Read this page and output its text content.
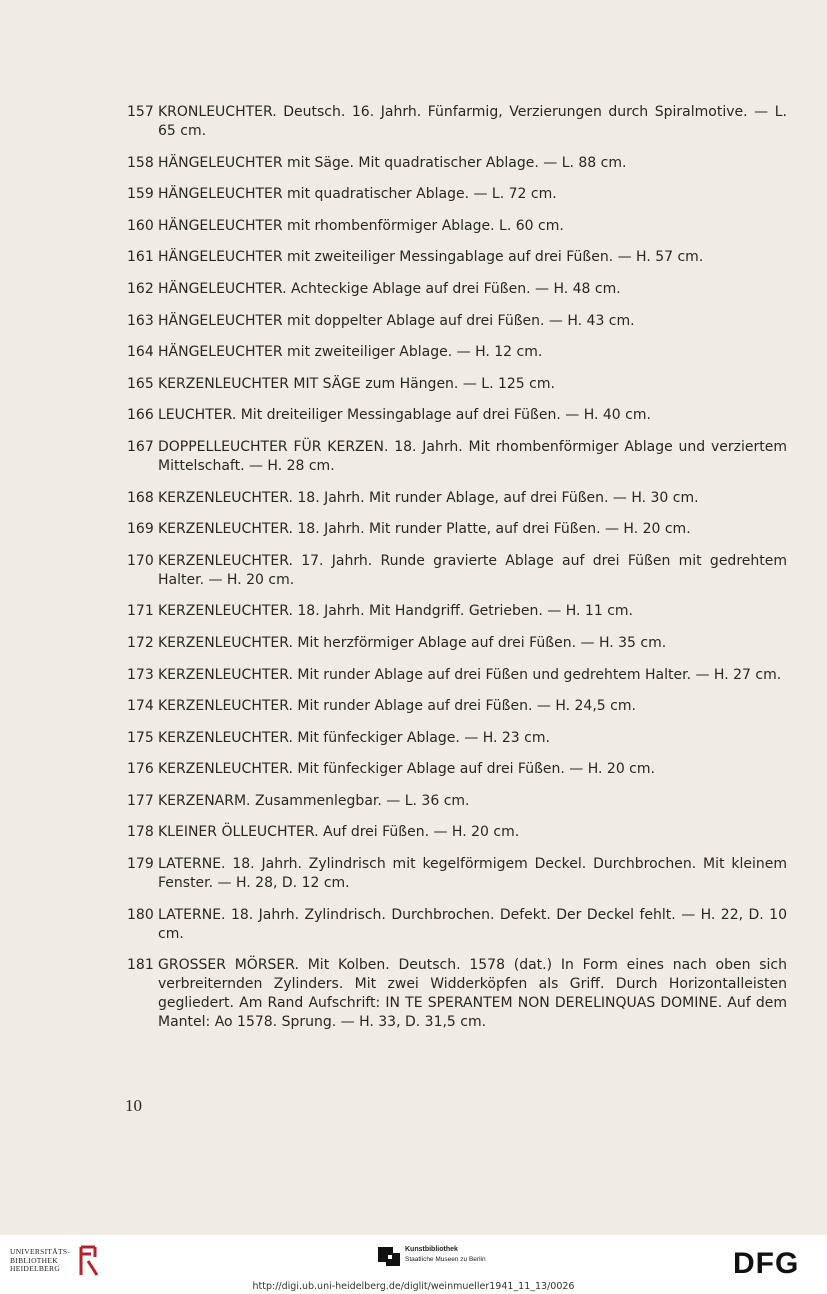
157 KRONLEUCHTER. Deutsch. 16. Jahrh. Fünfarmig, Verzierungen durch Spiralmotive. — L. 65 cm.
158 HÄNGELEUCHTER mit Säge. Mit quadratischer Ablage. — L. 88 cm.
159 HÄNGELEUCHTER mit quadratischer Ablage. — L. 72 cm.
160 HÄNGELEUCHTER mit rhombenförmiger Ablage. L. 60 cm.
161 HÄNGELEUCHTER mit zweiteiliger Messingablage auf drei Füßen. — H. 57 cm.
162 HÄNGELEUCHTER. Achteckige Ablage auf drei Füßen. — H. 48 cm.
163 HÄNGELEUCHTER mit doppelter Ablage auf drei Füßen. — H. 43 cm.
164 HÄNGELEUCHTER mit zweiteiliger Ablage. — H. 12 cm.
165 KERZENLEUCHTER MIT SÄGE zum Hängen. — L. 125 cm.
166 LEUCHTER. Mit dreiteiliger Messingablage auf drei Füßen. — H. 40 cm.
167 DOPPELLEUCHTER FÜR KERZEN. 18. Jahrh. Mit rhombenförmiger Ablage und verziertem Mittelschaft. — H. 28 cm.
168 KERZENLEUCHTER. 18. Jahrh. Mit runder Ablage, auf drei Füßen. — H. 30 cm.
169 KERZENLEUCHTER. 18. Jahrh. Mit runder Platte, auf drei Füßen. — H. 20 cm.
170 KERZENLEUCHTER. 17. Jahrh. Runde gravierte Ablage auf drei Füßen mit gedrehtem Halter. — H. 20 cm.
171 KERZENLEUCHTER. 18. Jahrh. Mit Handgriff. Getrieben. — H. 11 cm.
172 KERZENLEUCHTER. Mit herzförmiger Ablage auf drei Füßen. — H. 35 cm.
173 KERZENLEUCHTER. Mit runder Ablage auf drei Füßen und gedrehtem Halter. — H. 27 cm.
174 KERZENLEUCHTER. Mit runder Ablage auf drei Füßen. — H. 24,5 cm.
175 KERZENLEUCHTER. Mit fünfeckiger Ablage. — H. 23 cm.
176 KERZENLEUCHTER. Mit fünfeckiger Ablage auf drei Füßen. — H. 20 cm.
177 KERZENARM. Zusammenlegbar. — L. 36 cm.
178 KLEINER ÖLLEUCHTER. Auf drei Füßen. — H. 20 cm.
179 LATERNE. 18. Jahrh. Zylindrisch mit kegelförmigem Deckel. Durchbrochen. Mit kleinem Fenster. — H. 28, D. 12 cm.
180 LATERNE. 18. Jahrh. Zylindrisch. Durchbrochen. Defekt. Der Deckel fehlt. — H. 22, D. 10 cm.
181 GROSSER MÖRSER. Mit Kolben. Deutsch. 1578 (dat.) In Form eines nach oben sich verbreiternden Zylinders. Mit zwei Widderköpfen als Griff. Durch Horizontalleisten gegliedert. Am Rand Aufschrift: IN TE SPERANTEM NON DERELINQUAS DOMINE. Auf dem Mantel: Ao 1578. Sprung. — H. 33, D. 31,5 cm.
10
UNIVERSITÄTS-
BIBLIOTHEK
HEIDELBERG
Kunstbibliothek
Staatliche Museen zu Berlin	DFG
http://digi.ub.uni-heidelberg.de/diglit/weinmueller1941_11_13/0026
